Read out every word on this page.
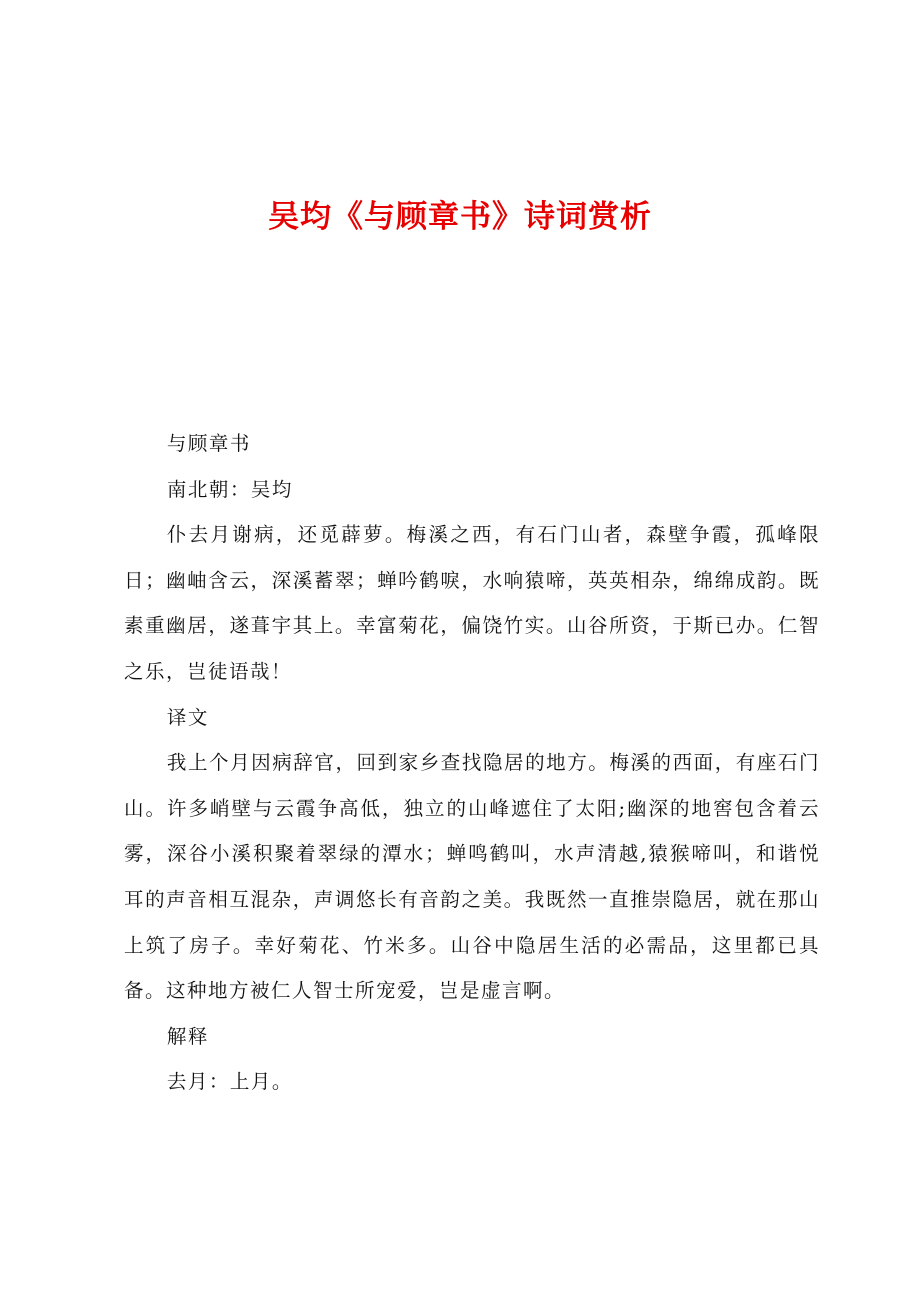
吴均《与顾章书》诗词赏析

与顾章书

南北朝：吴均

仆去月谢病，还觅薜萝。梅溪之西，有石门山者，森壁争霞，孤峰限日；幽岫含云，深溪蓄翠；蝉吟鹤唳，水响猿啼，英英相杂，绵绵成韵。既素重幽居，遂葺宇其上。幸富菊花，偏饶竹实。山谷所资，于斯已办。仁智之乐，岂徒语哉！

译文

我上个月因病辞官，回到家乡查找隐居的地方。梅溪的西面，有座石门山。许多峭壁与云霞争高低，独立的山峰遮住了太阳;幽深的地窖包含着云雾，深谷小溪积聚着翠绿的潭水；蝉鸣鹤叫，水声清越,猿猴啼叫，和谐悦耳的声音相互混杂，声调悠长有音韵之美。我既然一直推崇隐居，就在那山上筑了房子。幸好菊花、竹米多。山谷中隐居生活的必需品，这里都已具备。这种地方被仁人智士所宠爱，岂是虚言啊。

解释

去月：上月。
